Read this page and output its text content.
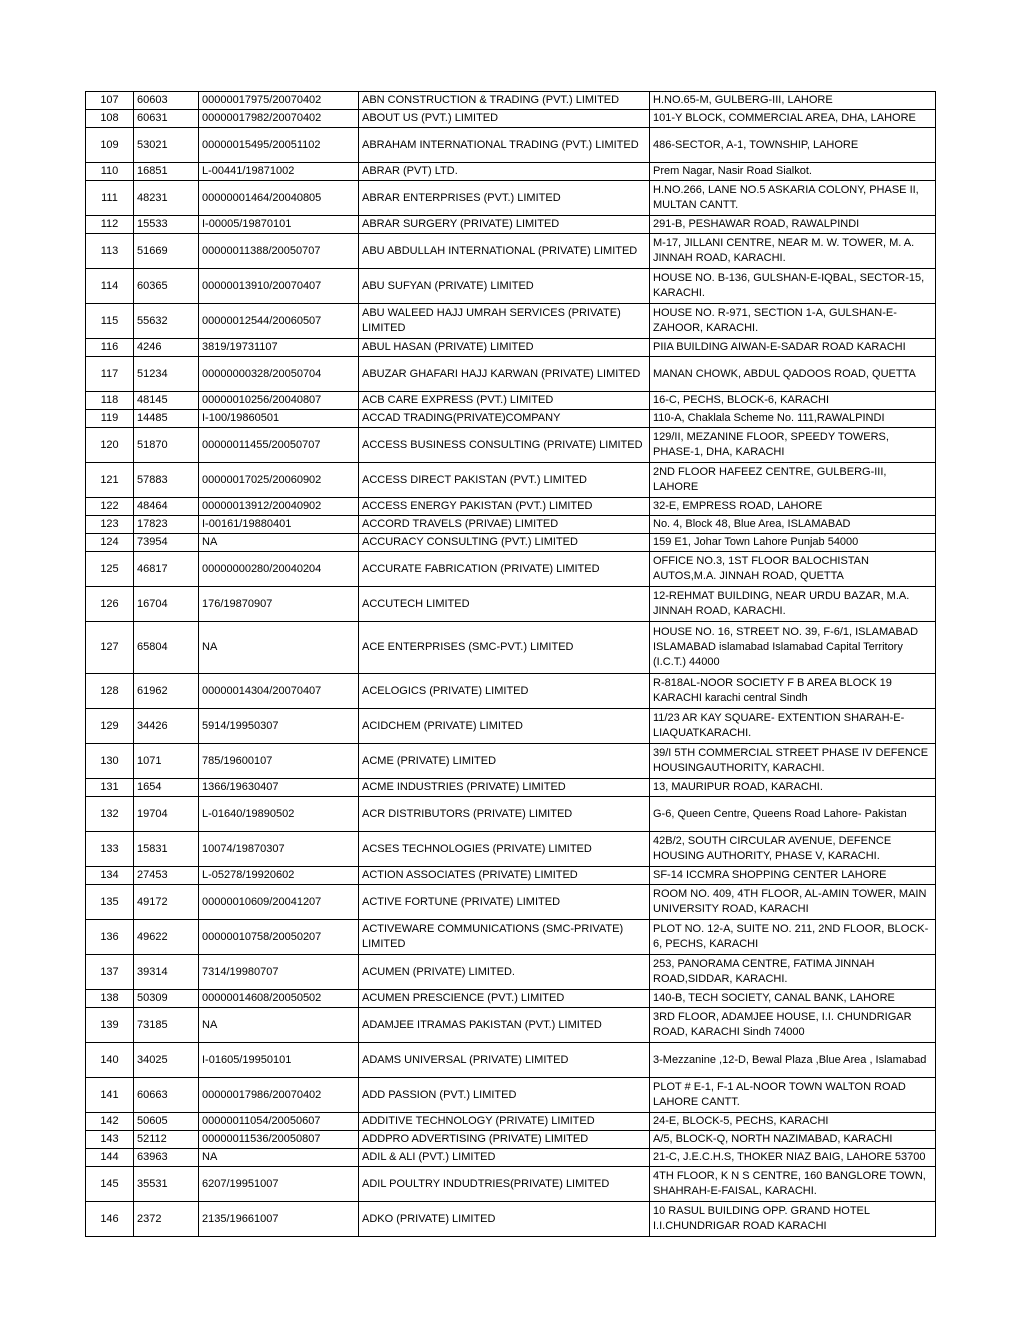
107	60603	00000017975/20070402	ABN CONSTRUCTION & TRADING (PVT.) LIMITED	H.NO.65-M, GULBERG-III, LAHORE
108	60631	00000017982/20070402	ABOUT US (PVT.) LIMITED	101-Y BLOCK, COMMERCIAL AREA, DHA, LAHORE
109	53021	00000015495/20051102	ABRAHAM INTERNATIONAL TRADING (PVT.) LIMITED	486-SECTOR, A-1, TOWNSHIP, LAHORE
110	16851	L-00441/19871002	ABRAR (PVT) LTD.	Prem Nagar, Nasir Road Sialkot.
111	48231	00000001464/20040805	ABRAR ENTERPRISES (PVT.) LIMITED	H.NO.266, LANE NO.5 ASKARIA COLONY, PHASE II, MULTAN CANTT.
112	15533	I-00005/19870101	ABRAR SURGERY (PRIVATE) LIMITED	291-B, PESHAWAR ROAD, RAWALPINDI
113	51669	00000011388/20050707	ABU ABDULLAH INTERNATIONAL (PRIVATE) LIMITED	M-17, JILLANI CENTRE, NEAR M. W. TOWER, M. A. JINNAH ROAD, KARACHI.
114	60365	00000013910/20070407	ABU SUFYAN (PRIVATE) LIMITED	HOUSE NO. B-136, GULSHAN-E-IQBAL, SECTOR-15, KARACHI.
115	55632	00000012544/20060507	ABU WALEED HAJJ UMRAH SERVICES (PRIVATE) LIMITED	HOUSE NO. R-971, SECTION 1-A, GULSHAN-E-ZAHOOR, KARACHI.
116	4246	3819/19731107	ABUL HASAN (PRIVATE) LIMITED	PIIA BUILDING AIWAN-E-SADAR ROAD KARACHI
117	51234	00000000328/20050704	ABUZAR GHAFARI HAJJ KARWAN (PRIVATE) LIMITED	MANAN CHOWK, ABDUL QADOOS ROAD, QUETTA
118	48145	00000010256/20040807	ACB CARE EXPRESS (PVT.) LIMITED	16-C, PECHS, BLOCK-6, KARACHI
119	14485	I-100/19860501	ACCAD TRADING(PRIVATE)COMPANY	110-A, Chaklala Scheme No. 111,RAWALPINDI
120	51870	00000011455/20050707	ACCESS BUSINESS CONSULTING (PRIVATE) LIMITED	129/II, MEZANINE FLOOR, SPEEDY TOWERS, PHASE-1, DHA, KARACHI
121	57883	00000017025/20060902	ACCESS DIRECT PAKISTAN (PVT.) LIMITED	2ND FLOOR HAFEEZ CENTRE, GULBERG-III, LAHORE
122	48464	00000013912/20040902	ACCESS ENERGY PAKISTAN (PVT.) LIMITED	32-E, EMPRESS ROAD, LAHORE
123	17823	I-00161/19880401	ACCORD TRAVELS (PRIVAE) LIMITED	No. 4, Block 48, Blue Area, ISLAMABAD
124	73954	NA	ACCURACY CONSULTING (PVT.) LIMITED	159 E1, Johar Town Lahore Punjab 54000
125	46817	00000000280/20040204	ACCURATE FABRICATION (PRIVATE) LIMITED	OFFICE NO.3, 1ST FLOOR BALOCHISTAN AUTOS,M.A. JINNAH ROAD, QUETTA
126	16704	176/19870907	ACCUTECH LIMITED	12-REHMAT BUILDING, NEAR URDU BAZAR, M.A. JINNAH ROAD, KARACHI.
127	65804	NA	ACE ENTERPRISES (SMC-PVT.) LIMITED	HOUSE NO. 16, STREET NO. 39, F-6/1, ISLAMABAD ISLAMABAD islamabad Islamabad Capital Territory (I.C.T.) 44000
128	61962	00000014304/20070407	ACELOGICS (PRIVATE) LIMITED	R-818AL-NOOR SOCIETY F B AREA BLOCK 19 KARACHI karachi central Sindh
129	34426	5914/19950307	ACIDCHEM (PRIVATE) LIMITED	11/23 AR KAY SQUARE- EXTENTION SHARAH-E-LIAQUATKARACHI.
130	1071	785/19600107	ACME (PRIVATE) LIMITED	39/I 5TH COMMERCIAL STREET PHASE IV DEFENCE HOUSINGAUTHORITY, KARACHI.
131	1654	1366/19630407	ACME INDUSTRIES (PRIVATE) LIMITED	13, MAURIPUR ROAD, KARACHI.
132	19704	L-01640/19890502	ACR DISTRIBUTORS (PRIVATE) LIMITED	G-6, Queen Centre, Queens Road Lahore- Pakistan
133	15831	10074/19870307	ACSES TECHNOLOGIES (PRIVATE) LIMITED	42B/2, SOUTH CIRCULAR AVENUE, DEFENCE HOUSING AUTHORITY, PHASE V, KARACHI.
134	27453	L-05278/19920602	ACTION ASSOCIATES (PRIVATE) LIMITED	SF-14 ICCMRA SHOPPING CENTER LAHORE
135	49172	00000010609/20041207	ACTIVE FORTUNE (PRIVATE) LIMITED	ROOM NO. 409, 4TH FLOOR, AL-AMIN TOWER, MAIN UNIVERSITY ROAD, KARACHI
136	49622	00000010758/20050207	ACTIVEWARE COMMUNICATIONS (SMC-PRIVATE) LIMITED	PLOT NO. 12-A, SUITE NO. 211, 2ND FLOOR, BLOCK-6, PECHS, KARACHI
137	39314	7314/19980707	ACUMEN (PRIVATE) LIMITED.	253, PANORAMA CENTRE, FATIMA JINNAH ROAD,SIDDAR, KARACHI.
138	50309	00000014608/20050502	ACUMEN PRESCIENCE (PVT.) LIMITED	140-B, TECH SOCIETY, CANAL BANK, LAHORE
139	73185	NA	ADAMJEE ITRAMAS PAKISTAN (PVT.) LIMITED	3RD FLOOR, ADAMJEE HOUSE, I.I. CHUNDRIGAR ROAD, KARACHI Sindh 74000
140	34025	I-01605/19950101	ADAMS UNIVERSAL (PRIVATE) LIMITED	3-Mezzanine ,12-D, Bewal Plaza ,Blue Area , Islamabad
141	60663	00000017986/20070402	ADD PASSION (PVT.) LIMITED	PLOT # E-1, F-1 AL-NOOR TOWN WALTON ROAD LAHORE CANTT.
142	50605	00000011054/20050607	ADDITIVE TECHNOLOGY (PRIVATE) LIMITED	24-E, BLOCK-5, PECHS, KARACHI
143	52112	00000011536/20050807	ADDPRO ADVERTISING (PRIVATE) LIMITED	A/5, BLOCK-Q, NORTH NAZIMABAD, KARACHI
144	63963	NA	ADIL & ALI (PVT.) LIMITED	21-C, J.E.C.H.S, THOKER NIAZ BAIG, LAHORE 53700
145	35531	6207/19951007	ADIL POULTRY INDUDTRIES(PRIVATE) LIMITED	4TH FLOOR, K N S CENTRE, 160 BANGLORE TOWN, SHAHRAH-E-FAISAL, KARACHI.
146	2372	2135/19661007	ADKO (PRIVATE) LIMITED	10 RASUL BUILDING OPP. GRAND HOTEL I.I.CHUNDRIGAR ROAD KARACHI
